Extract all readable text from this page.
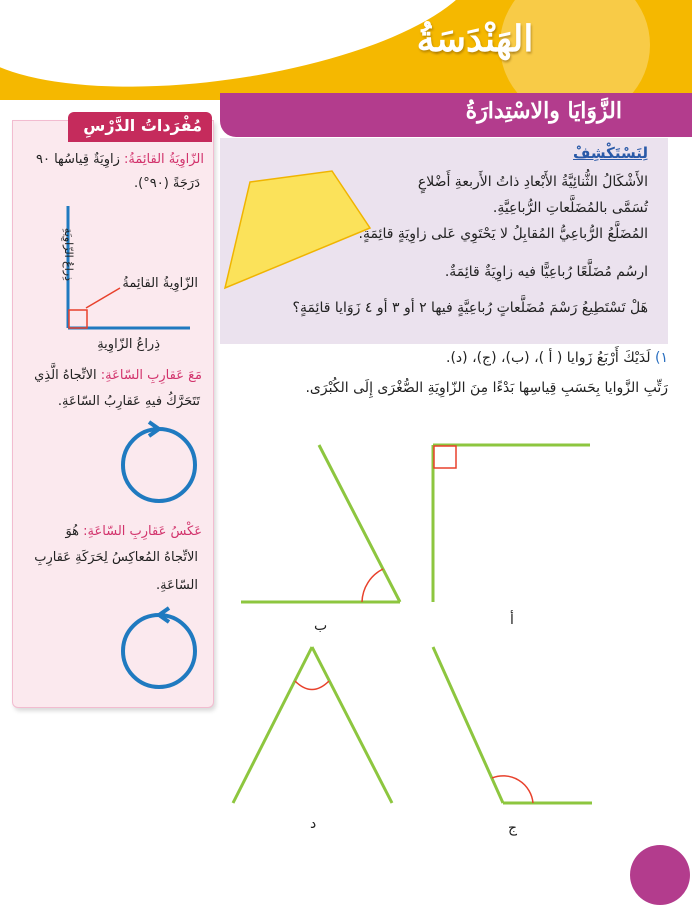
الهَنْدَسَةُ
الزَّوَايَا والاسْتِدارَةُ
لِنَسْتَكْشِفْ
الأَشْكَالُ الثُّنائِيَّةُ الأَبْعادِ ذاتُ الأَربعةِ أَضْلاعٍ
تُسَمَّى بالمُضَلَّعاتِ الرُّباعِيَّةِ.
المُضَلَّعُ الرُّباعِيُّ المُقابِلُ لا يَحْتَوِي عَلى زاوِيَةٍ قائِمَةٍ.
ارسُم مُضَلَّعًا رُباعِيًّا فيه زاوِيَةٌ قائِمَةٌ.
هَلْ تَسْتَطِيعُ رَسْمَ مُضَلَّعاتٍ رُباعِيَّةٍ فيها ٢ أو ٣ أو ٤ زَوَايا قائِمَةٍ؟
مُفْرَداتُ الدَّرْسِ
الزّاوِيَةُ القائِمَةُ: زاوِيَةٌ قِياسُها ٩٠
دَرَجَةً (٩٠°).
ذِراعُ الزّاوِيَةِ
الزّاوِيةُ القائِمةُ
ذِراعُ الزّاوِيةِ
مَعَ عَقارِبِ السّاعَةِ: الاتِّجاهُ الَّذِي
تَتَحَرَّكُ فيهِ عَقارِبُ السّاعَةِ.
عَكْسُ عَقارِبِ السّاعَةِ: هُوَ
الاتِّجاهُ المُعاكِسُ لِحَرَكَةِ عَقارِبِ
السّاعَةِ.
١) لَدَيْكَ أَرْبَعُ زَوايا ( أ )، (ب)، (ج)، (د).
رَتِّبِ الزَّوايا بِحَسَبِ قِياسِها بَدْءًا مِنَ الزّاوِيَةِ الصُّغْرَى إِلَى الكُبْرَى.
أ
ب
ج
د
